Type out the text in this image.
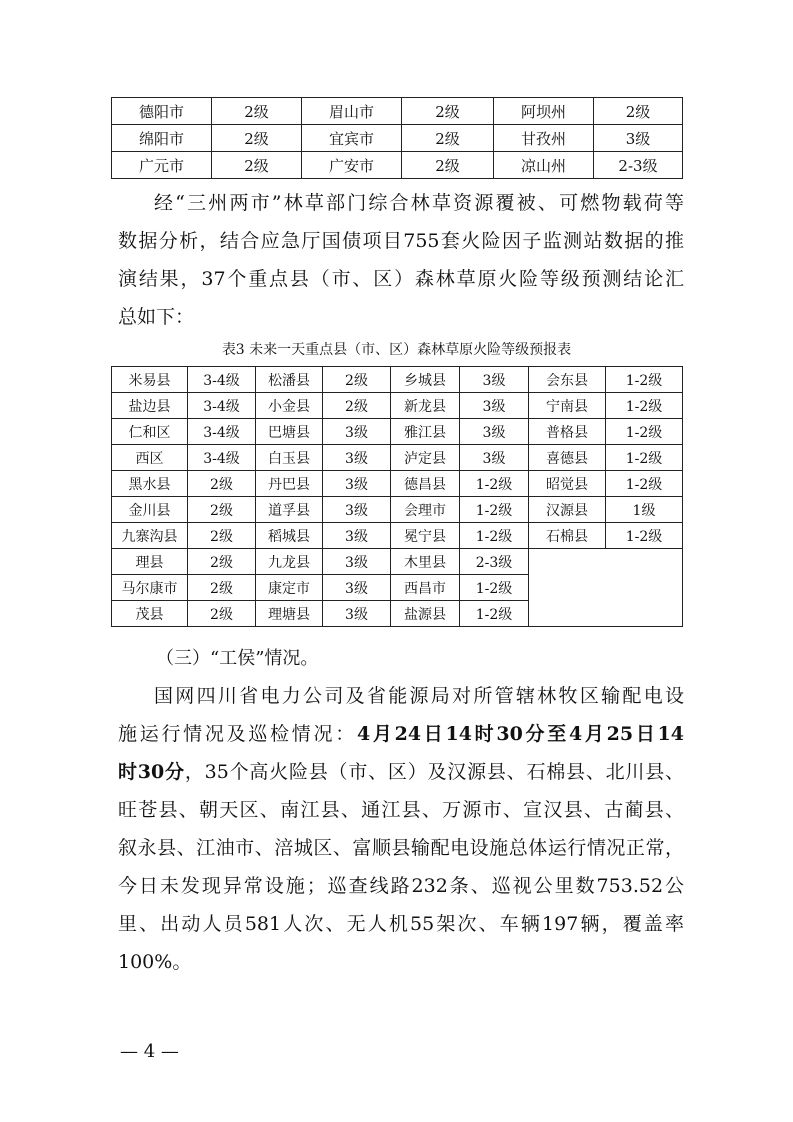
德阳市	2级	眉山市	2级	阿坝州	2级
绵阳市	2级	宜宾市	2级	甘孜州	3级
广元市	2级	广安市	2级	凉山州	2-3级
经“三州两市”林草部门综合林草资源覆被、可燃物载荷等
数据分析，结合应急厅国债项目755套火险因子监测站数据的推
演结果，37个重点县（市、区）森林草原火险等级预测结论汇
总如下：
表3 未来一天重点县（市、区）森林草原火险等级预报表
米易县	3-4级	松潘县	2级	乡城县	3级	会东县	1-2级
盐边县	3-4级	小金县	2级	新龙县	3级	宁南县	1-2级
仁和区	3-4级	巴塘县	3级	雅江县	3级	普格县	1-2级
西区	3-4级	白玉县	3级	泸定县	3级	喜德县	1-2级
黑水县	2级	丹巴县	3级	德昌县	1-2级	昭觉县	1-2级
金川县	2级	道孚县	3级	会理市	1-2级	汉源县	1级
九寨沟县	2级	稻城县	3级	冕宁县	1-2级	石棉县	1-2级
理县	2级	九龙县	3级	木里县	2-3级		
马尔康市	2级	康定市	3级	西昌市	1-2级		
茂县	2级	理塘县	3级	盐源县	1-2级		
（三）“工侯”情况。
国网四川省电力公司及省能源局对所管辖林牧区输配电设
施运行情况及巡检情况：4月24日14时30分至4月25日14
时30分，35个高火险县（市、区）及汉源县、石棉县、北川县、
旺苍县、朝天区、南江县、通江县、万源市、宣汉县、古蔺县、
叙永县、江油市、涪城区、富顺县输配电设施总体运行情况正常，
今日未发现异常设施；巡查线路232条、巡视公里数753.52公
里、出动人员581人次、无人机55架次、车辆197辆，覆盖率
100%。
— 4 —
